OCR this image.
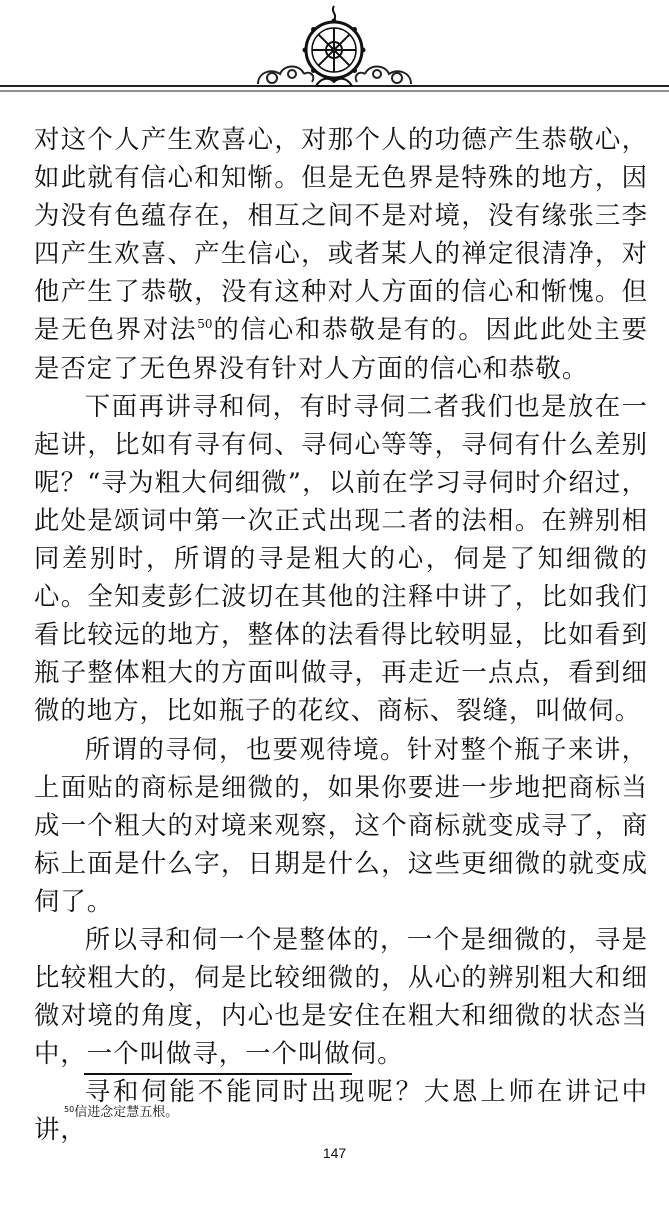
对这个人产生欢喜心，对那个人的功德产生恭敬心，如此就有信心和知惭。但是无色界是特殊的地方，因为没有色蕴存在，相互之间不是对境，没有缘张三李四产生欢喜、产生信心，或者某人的禅定很清净，对他产生了恭敬，没有这种对人方面的信心和惭愧。但是无色界对法$^{50}$的信心和恭敬是有的。因此此处主要是否定了无色界没有针对人方面的信心和恭敬。

下面再讲寻和伺，有时寻伺二者我们也是放在一起讲，比如有寻有伺、寻伺心等等，寻伺有什么差别呢？“寻为粗大伺细微”，以前在学习寻伺时介绍过，此处是颂词中第一次正式出现二者的法相。在辨别相同差别时，所谓的寻是粗大的心，伺是了知细微的心。全知麦彭仁波切在其他的注释中讲了，比如我们看比较远的地方，整体的法看得比较明显，比如看到瓶子整体粗大的方面叫做寻，再走近一点点，看到细微的地方，比如瓶子的花纹、商标、裂缝，叫做伺。

所谓的寻伺，也要观待境。针对整个瓶子来讲，上面贴的商标是细微的，如果你要进一步地把商标当成一个粗大的对境来观察，这个商标就变成寻了，商标上面是什么字，日期是什么，这些更细微的就变成伺了。

所以寻和伺一个是整体的，一个是细微的，寻是比较粗大的，伺是比较细微的，从心的辨别粗大和细微对境的角度，内心也是安住在粗大和细微的状态当中，一个叫做寻，一个叫做伺。

寻和伺能不能同时出现呢？大恩上师在讲记中讲，

$^{50}$信进念定慧五根。
147
